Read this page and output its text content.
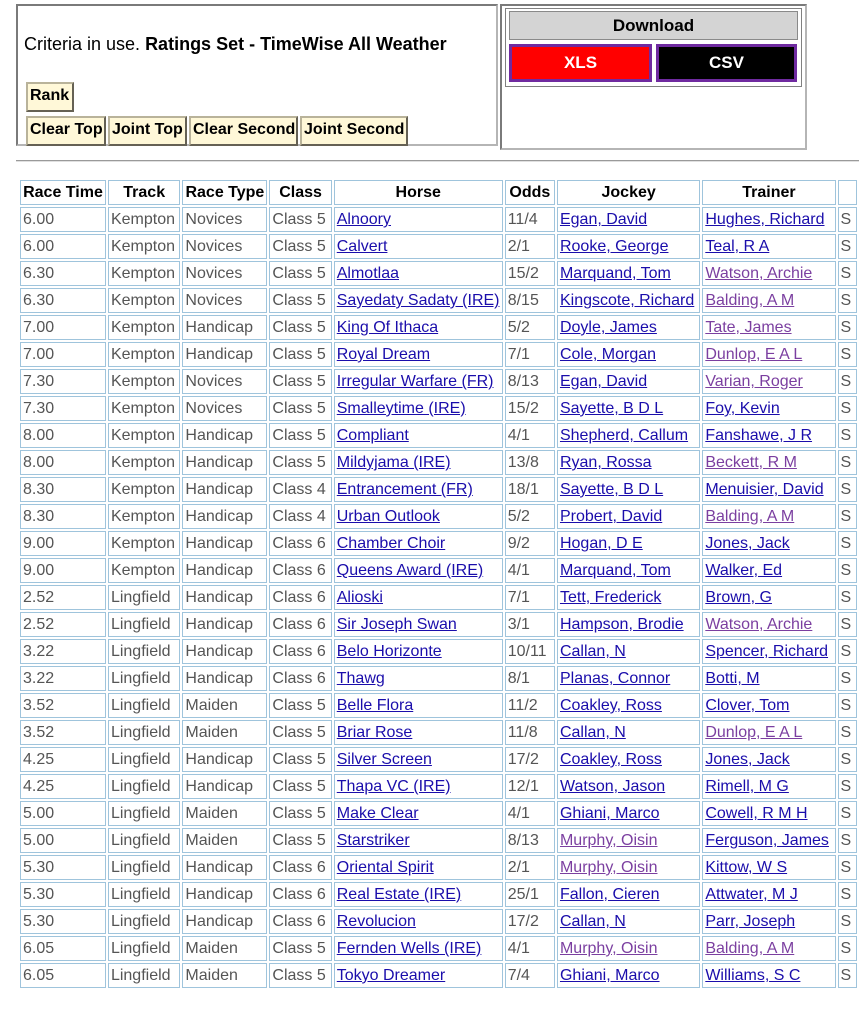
Criteria in use. Ratings Set - TimeWise All Weather
Rank
Clear Top Joint Top Clear Second Joint Second
Download
XLS	CSV
Race Time	Track	Race Type	Class	Horse	Odds	Jockey	Trainer	
6.00	Kempton	Novices	Class 5	Alnoory	11/4	Egan, David	Hughes, Richard	S
6.00	Kempton	Novices	Class 5	Calvert	2/1	Rooke, George	Teal, R A	S
6.30	Kempton	Novices	Class 5	Almotlaa	15/2	Marquand, Tom	Watson, Archie	S
6.30	Kempton	Novices	Class 5	Sayedaty Sadaty (IRE)	8/15	Kingscote, Richard	Balding, A M	S
7.00	Kempton	Handicap	Class 5	King Of Ithaca	5/2	Doyle, James	Tate, James	S
7.00	Kempton	Handicap	Class 5	Royal Dream	7/1	Cole, Morgan	Dunlop, E A L	S
7.30	Kempton	Novices	Class 5	Irregular Warfare (FR)	8/13	Egan, David	Varian, Roger	S
7.30	Kempton	Novices	Class 5	Smalleytime (IRE)	15/2	Sayette, B D L	Foy, Kevin	S
8.00	Kempton	Handicap	Class 5	Compliant	4/1	Shepherd, Callum	Fanshawe, J R	S
8.00	Kempton	Handicap	Class 5	Mildyjama (IRE)	13/8	Ryan, Rossa	Beckett, R M	S
8.30	Kempton	Handicap	Class 4	Entrancement (FR)	18/1	Sayette, B D L	Menuisier, David	S
8.30	Kempton	Handicap	Class 4	Urban Outlook	5/2	Probert, David	Balding, A M	S
9.00	Kempton	Handicap	Class 6	Chamber Choir	9/2	Hogan, D E	Jones, Jack	S
9.00	Kempton	Handicap	Class 6	Queens Award (IRE)	4/1	Marquand, Tom	Walker, Ed	S
2.52	Lingfield	Handicap	Class 6	Alioski	7/1	Tett, Frederick	Brown, G	S
2.52	Lingfield	Handicap	Class 6	Sir Joseph Swan	3/1	Hampson, Brodie	Watson, Archie	S
3.22	Lingfield	Handicap	Class 6	Belo Horizonte	10/11	Callan, N	Spencer, Richard	S
3.22	Lingfield	Handicap	Class 6	Thawg	8/1	Planas, Connor	Botti, M	S
3.52	Lingfield	Maiden	Class 5	Belle Flora	11/2	Coakley, Ross	Clover, Tom	S
3.52	Lingfield	Maiden	Class 5	Briar Rose	11/8	Callan, N	Dunlop, E A L	S
4.25	Lingfield	Handicap	Class 5	Silver Screen	17/2	Coakley, Ross	Jones, Jack	S
4.25	Lingfield	Handicap	Class 5	Thapa VC (IRE)	12/1	Watson, Jason	Rimell, M G	S
5.00	Lingfield	Maiden	Class 5	Make Clear	4/1	Ghiani, Marco	Cowell, R M H	S
5.00	Lingfield	Maiden	Class 5	Starstriker	8/13	Murphy, Oisin	Ferguson, James	S
5.30	Lingfield	Handicap	Class 6	Oriental Spirit	2/1	Murphy, Oisin	Kittow, W S	S
5.30	Lingfield	Handicap	Class 6	Real Estate (IRE)	25/1	Fallon, Cieren	Attwater, M J	S
5.30	Lingfield	Handicap	Class 6	Revolucion	17/2	Callan, N	Parr, Joseph	S
6.05	Lingfield	Maiden	Class 5	Fernden Wells (IRE)	4/1	Murphy, Oisin	Balding, A M	S
6.05	Lingfield	Maiden	Class 5	Tokyo Dreamer	7/4	Ghiani, Marco	Williams, S C	S
